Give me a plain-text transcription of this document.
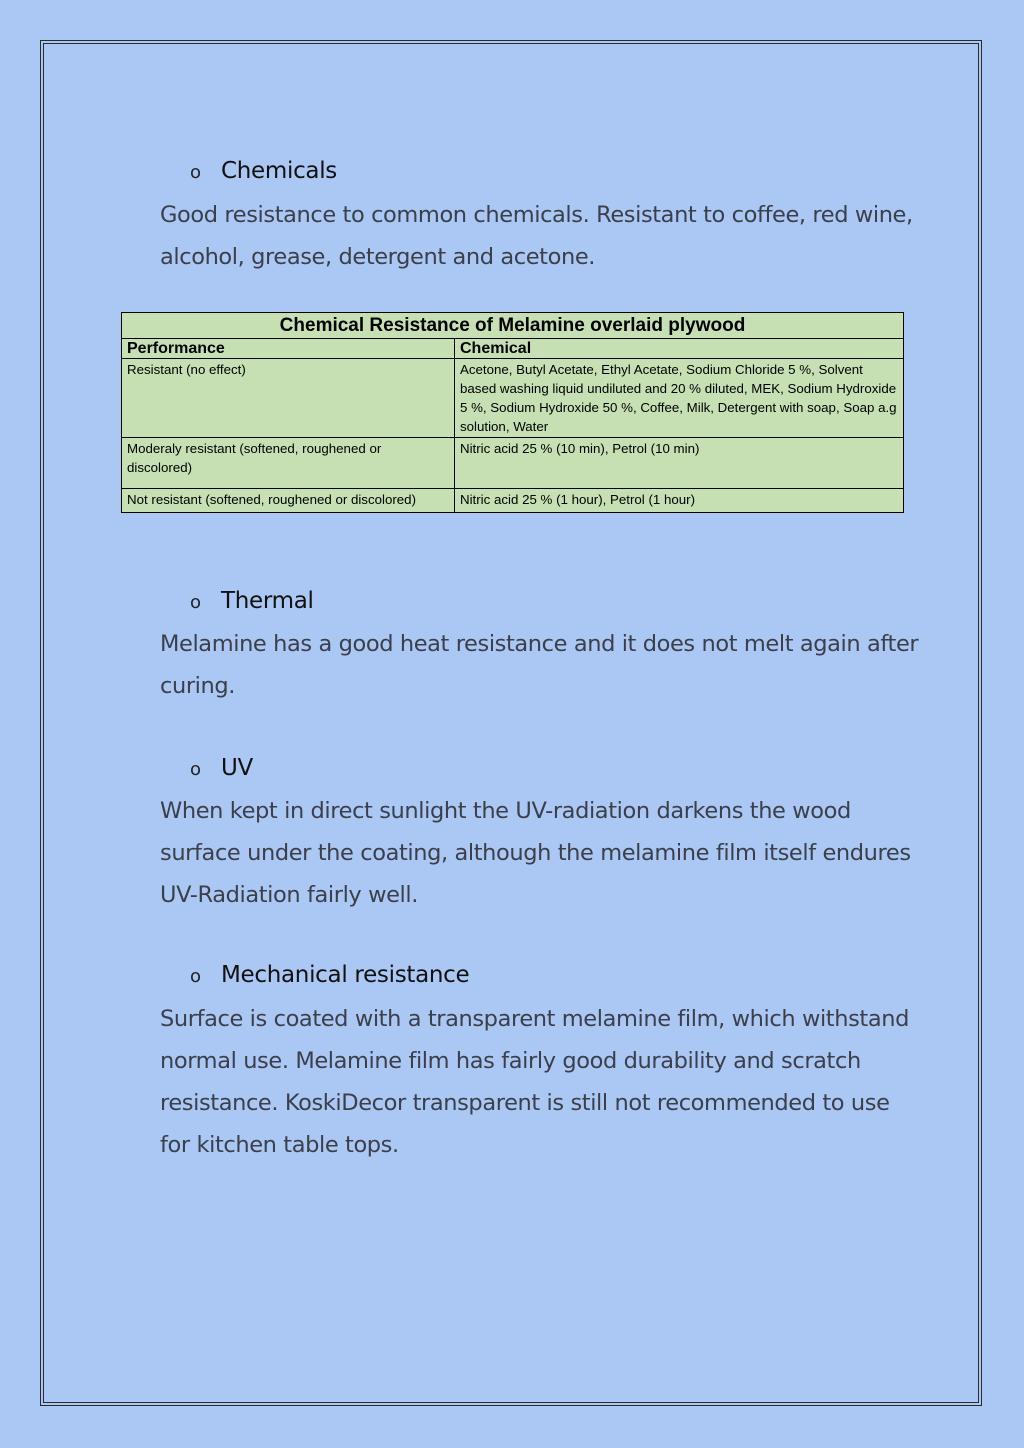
o Chemicals
Good resistance to common chemicals. Resistant to coffee, red wine, alcohol, grease, detergent and acetone.
Chemical Resistance of Melamine overlaid plywood	
Performance	Chemical
Resistant (no effect)	Acetone, Butyl Acetate, Ethyl Acetate, Sodium Chloride 5 %, Solvent based washing liquid undiluted and 20 % diluted, MEK, Sodium Hydroxide 5 %, Sodium Hydroxide 50 %, Coffee, Milk, Detergent with soap, Soap a.g solution, Water
Moderaly resistant (softened, roughened or discolored)	Nitric acid 25 % (10 min), Petrol (10 min)
Not resistant (softened, roughened or discolored)	Nitric acid 25 % (1 hour), Petrol (1 hour)
o Thermal
Melamine has a good heat resistance and it does not melt again after curing.
o UV
When kept in direct sunlight the UV-radiation darkens the wood surface under the coating, although the melamine film itself endures UV-Radiation fairly well.
o Mechanical resistance
Surface is coated with a transparent melamine film, which withstand normal use. Melamine film has fairly good durability and scratch resistance. KoskiDecor transparent is still not recommended to use for kitchen table tops.
